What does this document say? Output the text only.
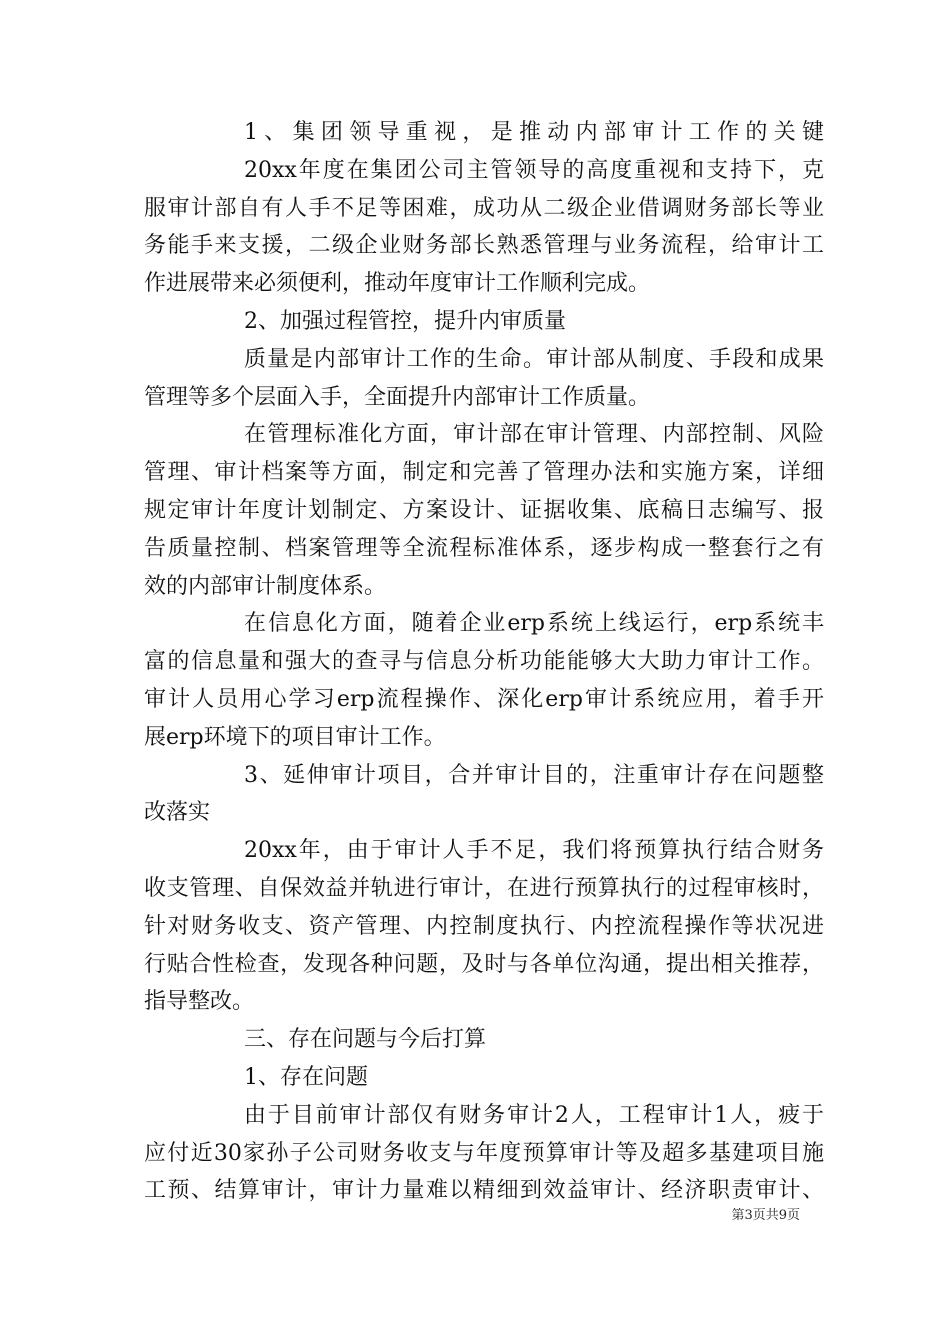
1、集团领导重视，是推动内部审计工作的关键
20xx年度在集团公司主管领导的高度重视和支持下，克
服审计部自有人手不足等困难，成功从二级企业借调财务部长等业
务能手来支援，二级企业财务部长熟悉管理与业务流程，给审计工
作进展带来必须便利，推动年度审计工作顺利完成。
2、加强过程管控，提升内审质量
质量是内部审计工作的生命。审计部从制度、手段和成果
管理等多个层面入手，全面提升内部审计工作质量。
在管理标准化方面，审计部在审计管理、内部控制、风险
管理、审计档案等方面，制定和完善了管理办法和实施方案，详细
规定审计年度计划制定、方案设计、证据收集、底稿日志编写、报
告质量控制、档案管理等全流程标准体系，逐步构成一整套行之有
效的内部审计制度体系。
在信息化方面，随着企业erp系统上线运行，erp系统丰
富的信息量和强大的查寻与信息分析功能能够大大助力审计工作。
审计人员用心学习erp流程操作、深化erp审计系统应用，着手开
展erp环境下的项目审计工作。
3、延伸审计项目，合并审计目的，注重审计存在问题整
改落实
20xx年，由于审计人手不足，我们将预算执行结合财务
收支管理、自保效益并轨进行审计，在进行预算执行的过程审核时，
针对财务收支、资产管理、内控制度执行、内控流程操作等状况进
行贴合性检查，发现各种问题，及时与各单位沟通，提出相关推荐，
指导整改。
三、存在问题与今后打算
1、存在问题
由于目前审计部仅有财务审计2人，工程审计1人，疲于
应付近30家孙子公司财务收支与年度预算审计等及超多基建项目施
工预、结算审计，审计力量难以精细到效益审计、经济职责审计、
第3页共9页
